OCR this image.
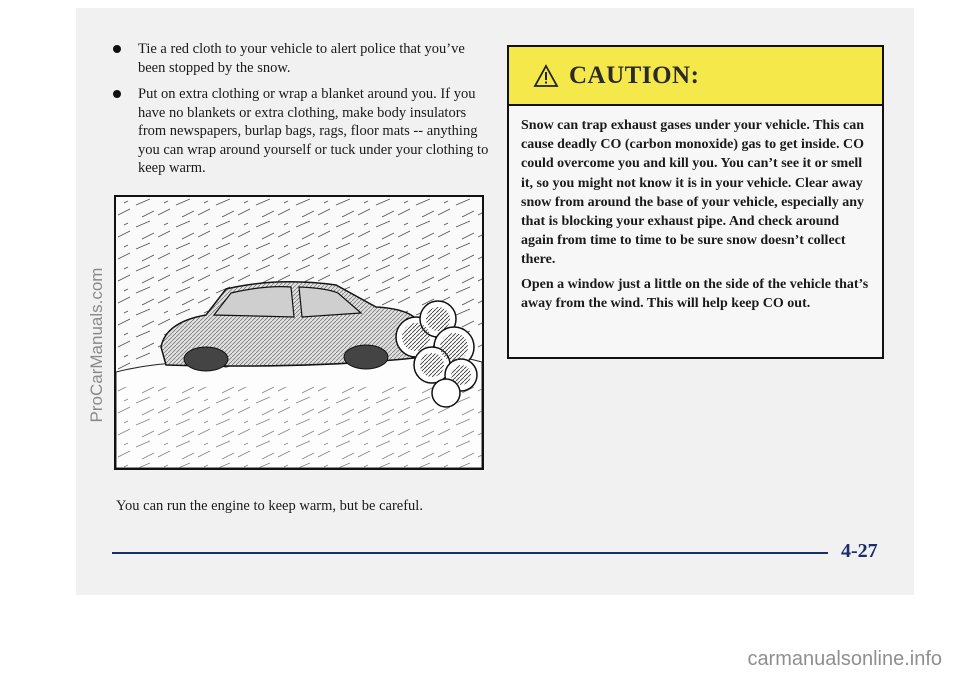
Tie a red cloth to your vehicle to alert police that you’ve been stopped by the snow.
Put on extra clothing or wrap a blanket around you. If you have no blankets or extra clothing, make body insulators from newspapers, burlap bags, rags, floor mats -- anything you can wrap around yourself or tuck under your clothing to keep warm.
ProCarManuals.com
CAUTION:

Snow can trap exhaust gases under your vehicle. This can cause deadly CO (carbon monoxide) gas to get inside. CO could overcome you and kill you. You can’t see it or smell it, so you might not know it is in your vehicle. Clear away snow from around the base of your vehicle, especially any that is blocking your exhaust pipe. And check around again from time to time to be sure snow doesn’t collect there.

Open a window just a little on the side of the vehicle that’s away from the wind. This will help keep CO out.

You can run the engine to keep warm, but be careful.
4-27
carmanualsonline.info
